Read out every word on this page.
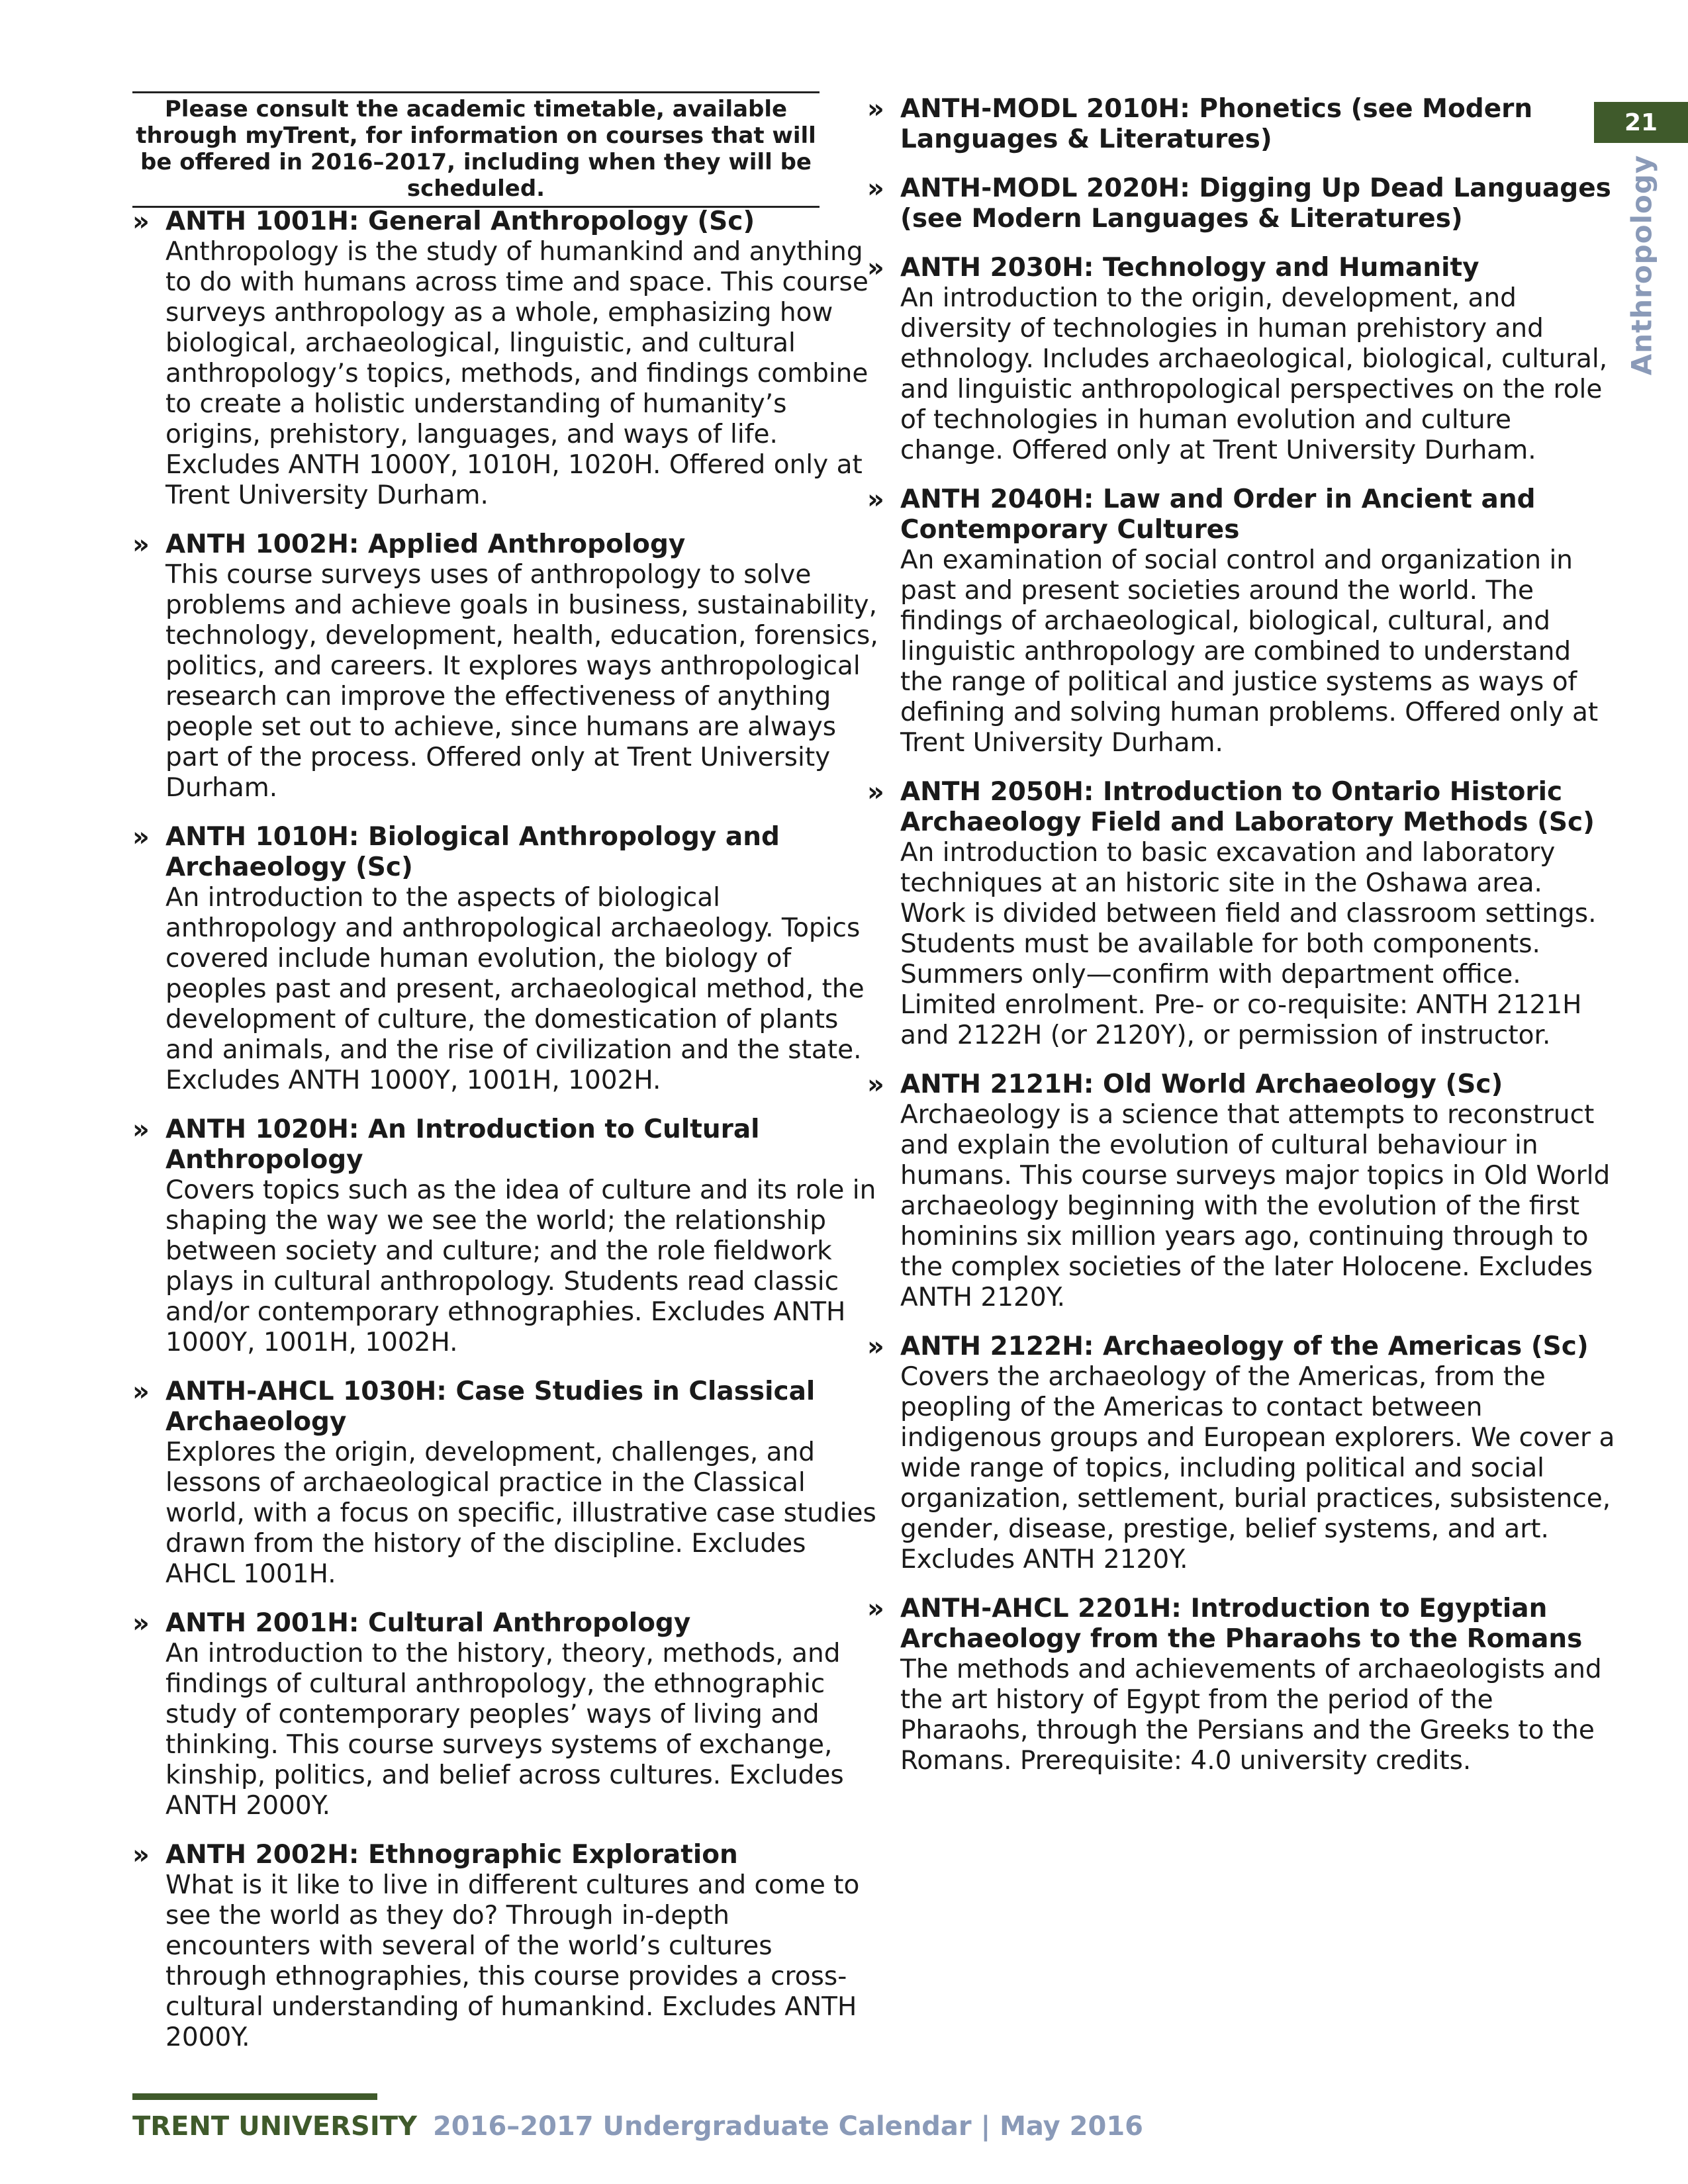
Please consult the academic timetable, available through myTrent, for information on courses that will be offered in 2016–2017, including when they will be scheduled.
» ANTH 1001H: General Anthropology (Sc)
Anthropology is the study of humankind and anything to do with humans across time and space. This course surveys anthropology as a whole, emphasizing how biological, archaeological, linguistic, and cultural anthropology’s topics, methods, and findings combine to create a holistic understanding of humanity’s origins, prehistory, languages, and ways of life. Excludes ANTH 1000Y, 1010H, 1020H. Offered only at Trent University Durham.
» ANTH 1002H: Applied Anthropology
This course surveys uses of anthropology to solve problems and achieve goals in business, sustainability, technology, development, health, education, forensics, politics, and careers. It explores ways anthropological research can improve the effectiveness of anything people set out to achieve, since humans are always part of the process. Offered only at Trent University Durham.
» ANTH 1010H: Biological Anthropology and Archaeology (Sc)
An introduction to the aspects of biological anthropology and anthropological archaeology. Topics covered include human evolution, the biology of peoples past and present, archaeological method, the development of culture, the domestication of plants and animals, and the rise of civilization and the state. Excludes ANTH 1000Y, 1001H, 1002H.
» ANTH 1020H: An Introduction to Cultural Anthropology
Covers topics such as the idea of culture and its role in shaping the way we see the world; the relationship between society and culture; and the role fieldwork plays in cultural anthropology. Students read classic and/or contemporary ethnographies. Excludes ANTH 1000Y, 1001H, 1002H.
» ANTH-AHCL 1030H: Case Studies in Classical Archaeology
Explores the origin, development, challenges, and lessons of archaeological practice in the Classical world, with a focus on specific, illustrative case studies drawn from the history of the discipline. Excludes AHCL 1001H.
» ANTH 2001H: Cultural Anthropology
An introduction to the history, theory, methods, and findings of cultural anthropology, the ethnographic study of contemporary peoples’ ways of living and thinking. This course surveys systems of exchange, kinship, politics, and belief across cultures. Excludes ANTH 2000Y.
» ANTH 2002H: Ethnographic Exploration
What is it like to live in different cultures and come to see the world as they do? Through in-depth encounters with several of the world’s cultures through ethnographies, this course provides a cross-cultural understanding of humankind. Excludes ANTH 2000Y.
» ANTH-MODL 2010H: Phonetics (see Modern Languages & Literatures)
» ANTH-MODL 2020H: Digging Up Dead Languages (see Modern Languages & Literatures)
» ANTH 2030H: Technology and Humanity
An introduction to the origin, development, and diversity of technologies in human prehistory and ethnology. Includes archaeological, biological, cultural, and linguistic anthropological perspectives on the role of technologies in human evolution and culture change. Offered only at Trent University Durham.
» ANTH 2040H: Law and Order in Ancient and Contemporary Cultures
An examination of social control and organization in past and present societies around the world. The findings of archaeological, biological, cultural, and linguistic anthropology are combined to understand the range of political and justice systems as ways of defining and solving human problems. Offered only at Trent University Durham.
» ANTH 2050H: Introduction to Ontario Historic Archaeology Field and Laboratory Methods (Sc)
An introduction to basic excavation and laboratory techniques at an historic site in the Oshawa area. Work is divided between field and classroom settings. Students must be available for both components. Summers only—confirm with department office. Limited enrolment. Pre- or co-requisite: ANTH 2121H and 2122H (or 2120Y), or permission of instructor.
» ANTH 2121H: Old World Archaeology (Sc)
Archaeology is a science that attempts to reconstruct and explain the evolution of cultural behaviour in humans. This course surveys major topics in Old World archaeology beginning with the evolution of the first hominins six million years ago, continuing through to the complex societies of the later Holocene. Excludes ANTH 2120Y.
» ANTH 2122H: Archaeology of the Americas (Sc)
Covers the archaeology of the Americas, from the peopling of the Americas to contact between indigenous groups and European explorers. We cover a wide range of topics, including political and social organization, settlement, burial practices, subsistence, gender, disease, prestige, belief systems, and art. Excludes ANTH 2120Y.
» ANTH-AHCL 2201H: Introduction to Egyptian Archaeology from the Pharaohs to the Romans
The methods and achievements of archaeologists and the art history of Egypt from the period of the Pharaohs, through the Persians and the Greeks to the Romans. Prerequisite: 4.0 university credits.
21
Anthropology
TRENT UNIVERSITY 2016–2017 Undergraduate Calendar | May 2016
